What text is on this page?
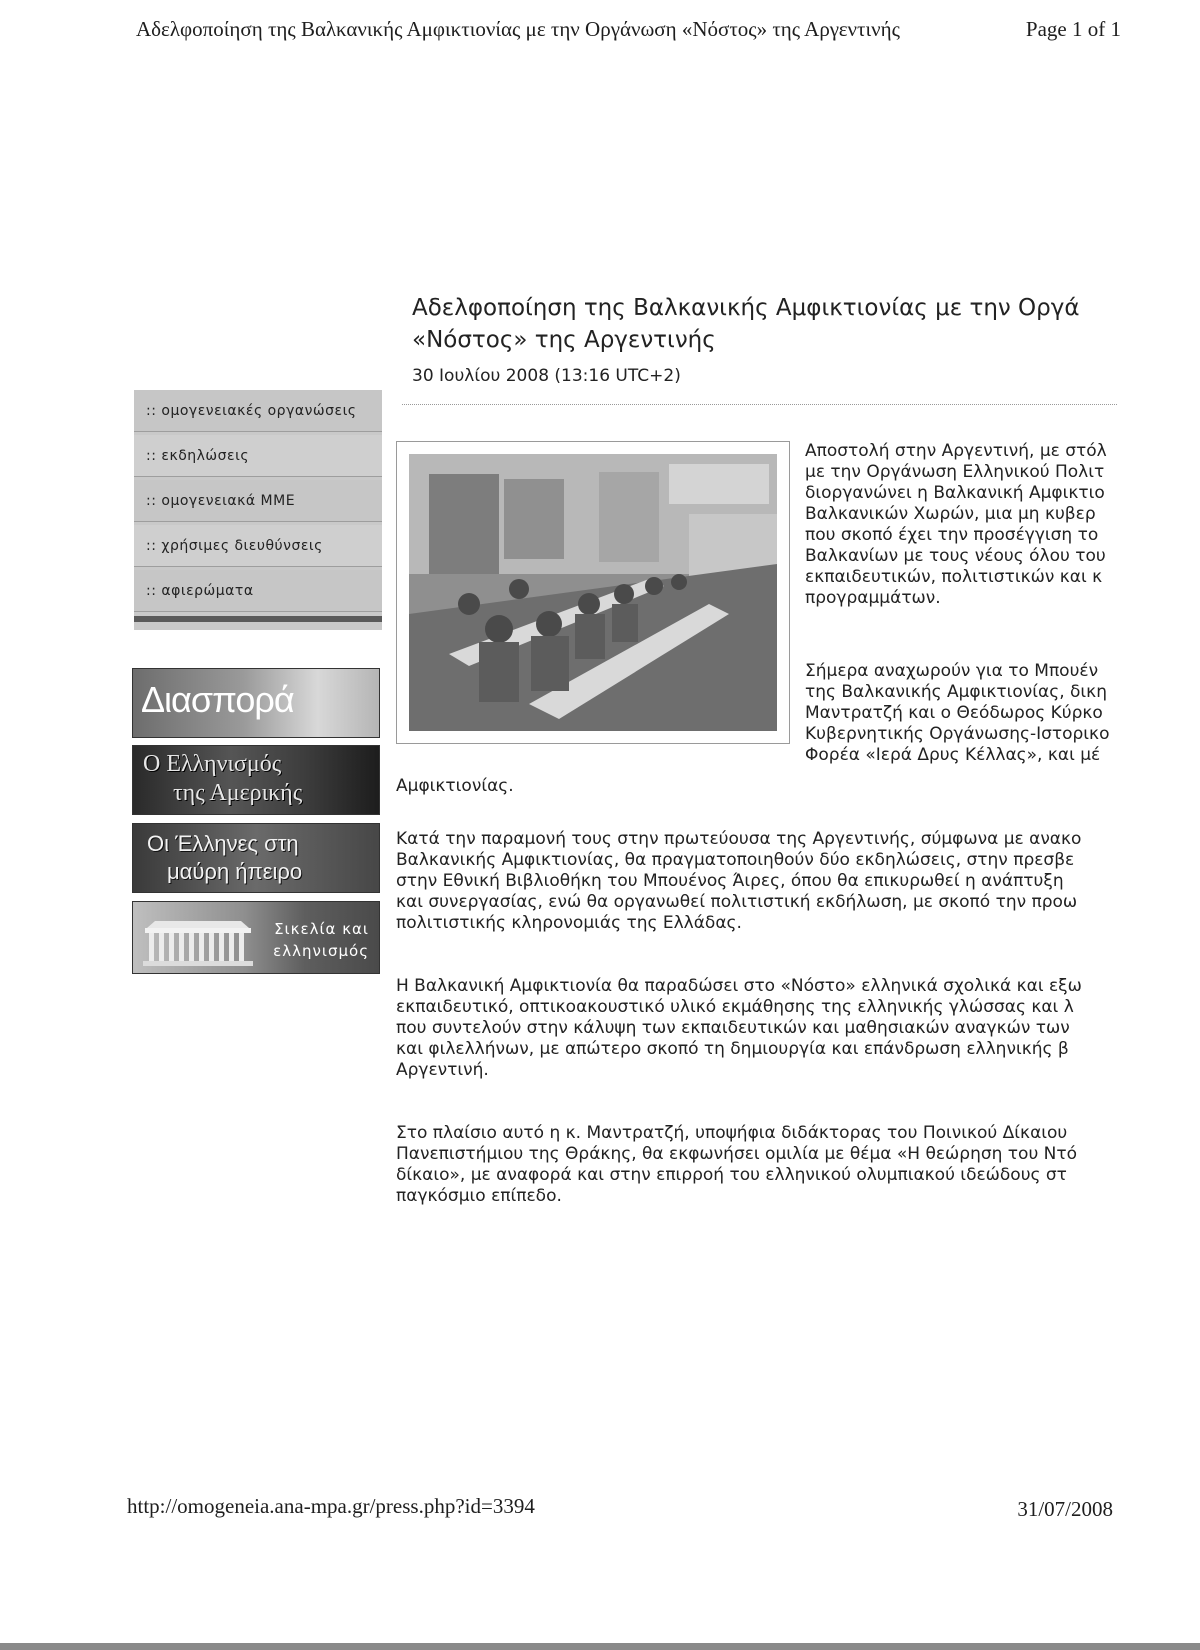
Αδελφοποίηση της Βαλκανικής Αμφικτιονίας με την Οργάνωση «Νόστος» της Αργεντινής	Page 1 of 1
:: ομογενειακές οργανώσεις
:: εκδηλώσεις
:: ομογενειακά ΜΜΕ
:: χρήσιμες διευθύνσεις
:: αφιερώματα
Διασπορά
Ο Ελληνισμός
της Αμερικής
Οι Έλληνες στη
μαύρη ήπειρο
Σικελία και
ελληνισμός
Αδελφοποίηση της Βαλκανικής Αμφικτιονίας με την Οργά
«Νόστος» της Αργεντινής
30 Ιουλίου 2008 (13:16 UTC+2)
Αποστολή στην Αργεντινή, με στόλ
με την Οργάνωση Ελληνικού Πολιτ
διοργανώνει η Βαλκανική Αμφικτιο
Βαλκανικών Χωρών, μια μη κυβερ
που σκοπό έχει την προσέγγιση το
Βαλκανίων με τους νέους όλου του
εκπαιδευτικών, πολιτιστικών και κ
προγραμμάτων.
Σήμερα αναχωρούν για το Μπουέν
της Βαλκανικής Αμφικτιονίας, δικη
Μαντρατζή και ο Θεόδωρος Κύρκο
Κυβερνητικής Οργάνωσης-Ιστορικο
Φορέα «Ιερά Δρυς Κέλλας», και μέ
Αμφικτιονίας.
Κατά την παραμονή τους στην πρωτεύουσα της Αργεντινής, σύμφωνα με ανακο
Βαλκανικής Αμφικτιονίας, θα πραγματοποιηθούν δύο εκδηλώσεις, στην πρεσβε
στην Εθνική Βιβλιοθήκη του Μπουένος Άιρες, όπου θα επικυρωθεί η ανάπτυξη
και συνεργασίας, ενώ θα οργανωθεί πολιτιστική εκδήλωση, με σκοπό την προω
πολιτιστικής κληρονομιάς της Ελλάδας.
Η Βαλκανική Αμφικτιονία θα παραδώσει στο «Νόστο» ελληνικά σχολικά και εξω
εκπαιδευτικό, οπτικοακουστικό υλικό εκμάθησης της ελληνικής γλώσσας και λ
που συντελούν στην κάλυψη των εκπαιδευτικών και μαθησιακών αναγκών των
και φιλελλήνων, με απώτερο σκοπό τη δημιουργία και επάνδρωση ελληνικής β
Αργεντινή.
Στο πλαίσιο αυτό η κ. Μαντρατζή, υποψήφια διδάκτορας του Ποινικού Δίκαιου
Πανεπιστήμιου της Θράκης, θα εκφωνήσει ομιλία με θέμα «Η θεώρηση του Ντό
δίκαιο», με αναφορά και στην επιρροή του ελληνικού ολυμπιακού ιδεώδους στ
παγκόσμιο επίπεδο.
http://omogeneia.ana-mpa.gr/press.php?id=3394	31/07/2008
